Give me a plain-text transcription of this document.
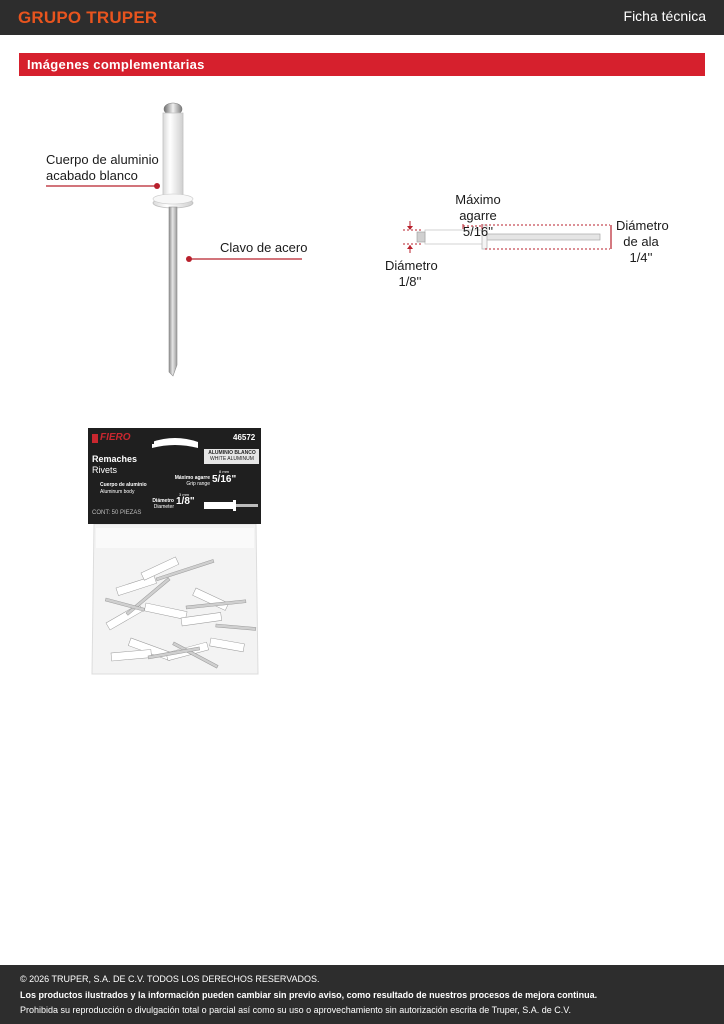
GRUPO TRUPER	Ficha técnica
Imágenes complementarias
Cuerpo de aluminio
acabado blanco
Clavo de acero
Máximo agarre
5/16''	Diámetro
de ala
1/4''
Diámetro
1/8''
FIERO	46572
ALUMINIO BLANCO
WHITE ALUMINUM
Remaches
Rivets
Cuerpo de aluminio
Aluminum body
8 mm
Máximo agarre
Grip range 5/16"
3 mm
Diámetro
Diameter 1/8"
CONT: 50 PIEZAS

© 2026 TRUPER, S.A. DE C.V. TODOS LOS DERECHOS RESERVADOS.

Los productos ilustrados y la información pueden cambiar sin previo aviso, como resultado de nuestros procesos de mejora continua.

Prohibida su reproducción o divulgación total o parcial así como su uso o aprovechamiento sin autorización escrita de Truper, S.A. de C.V.
